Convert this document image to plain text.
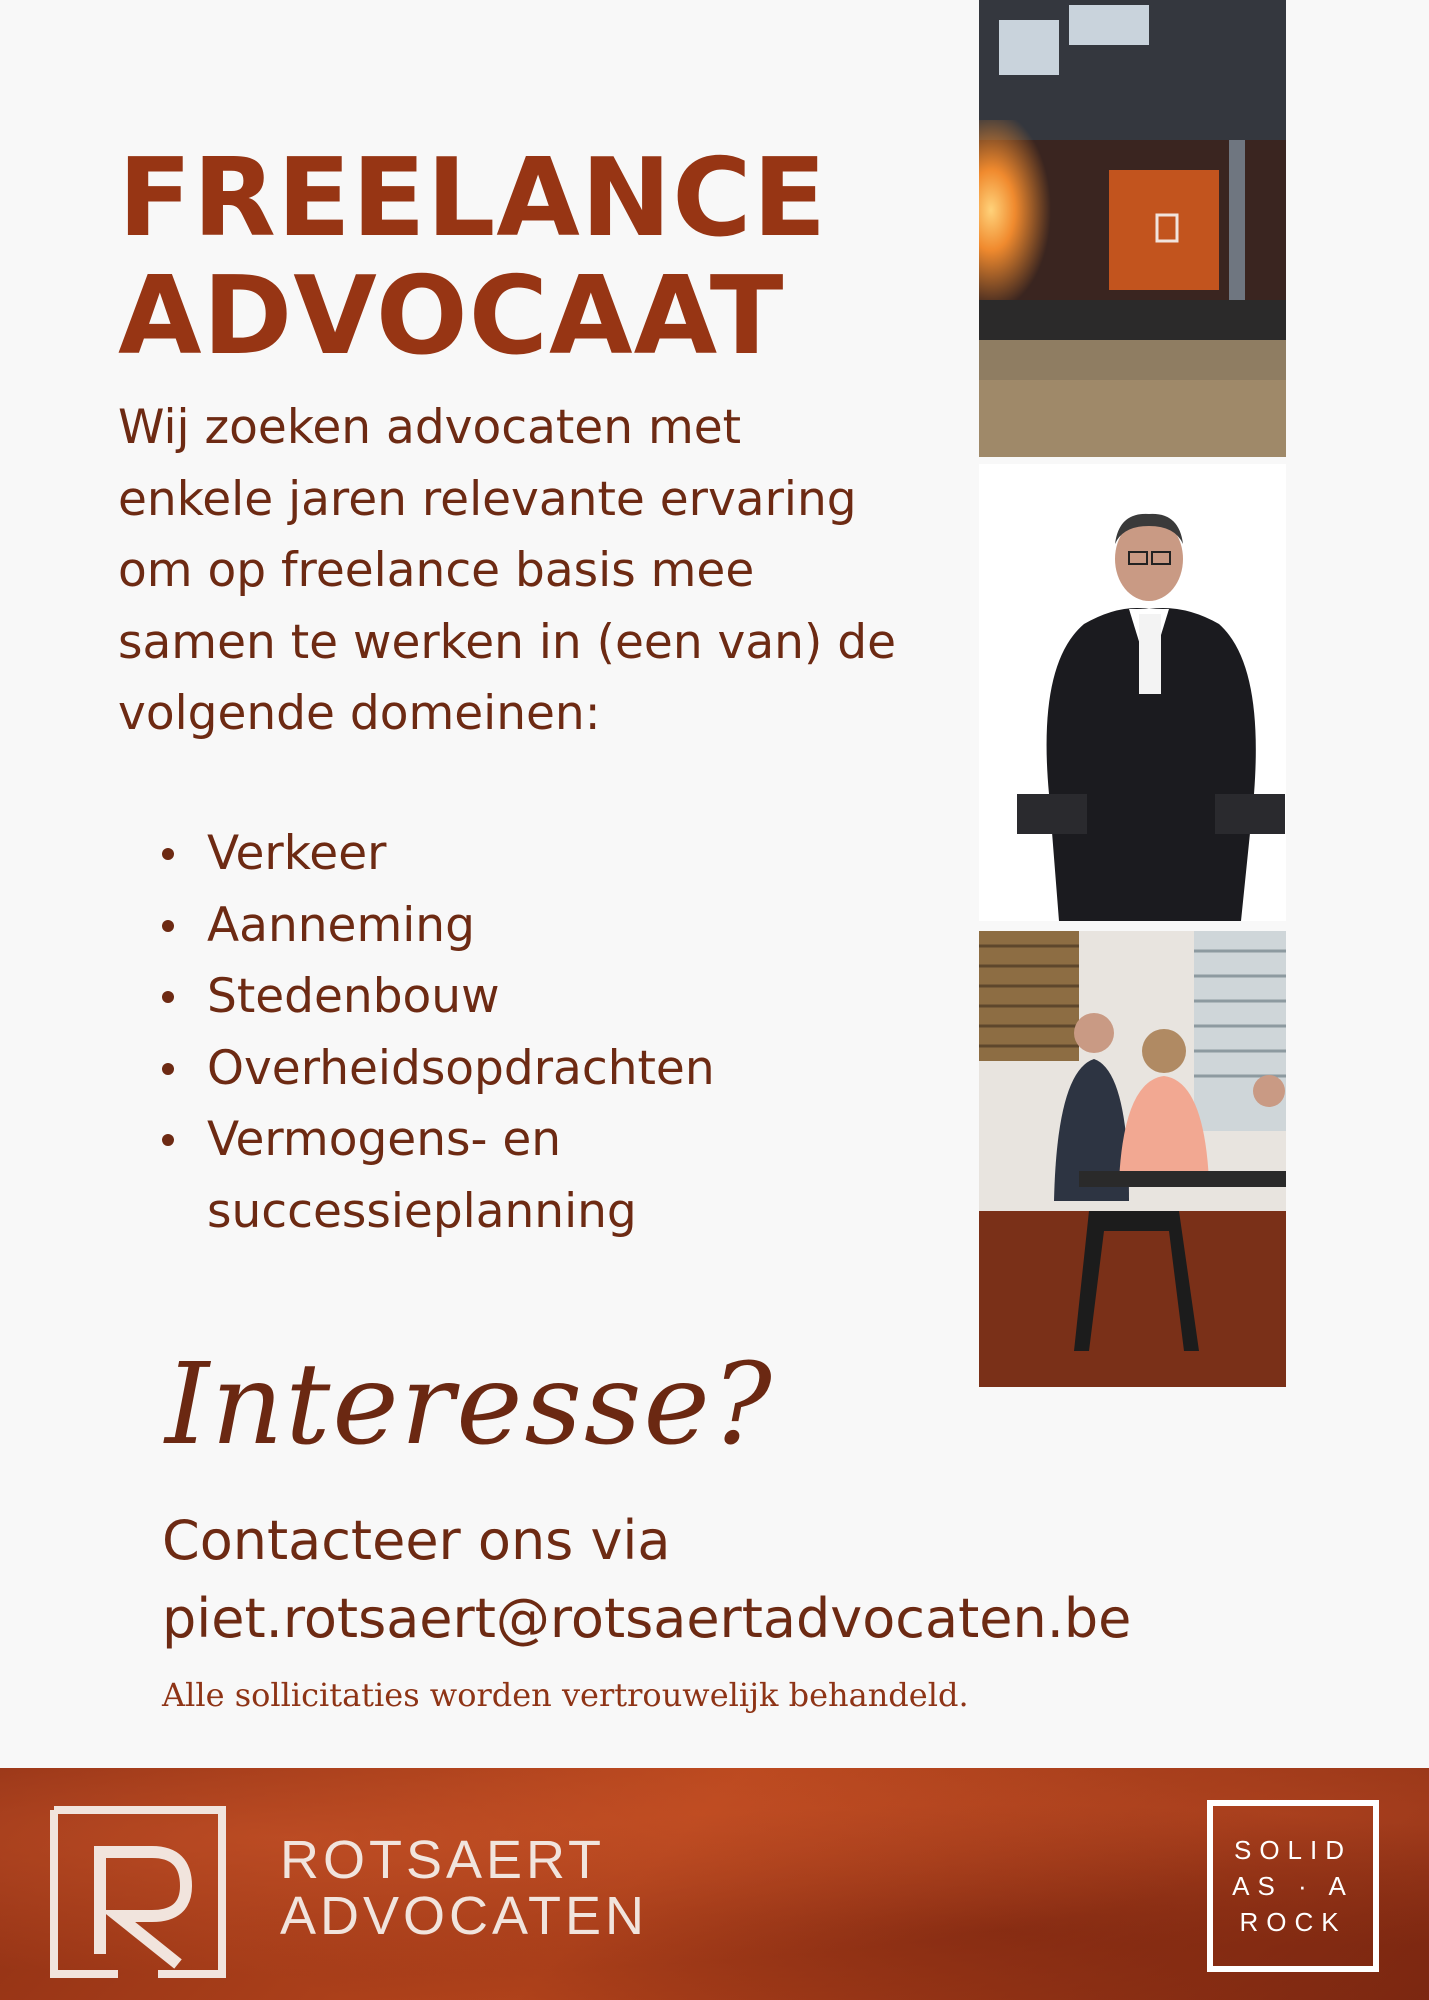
FREELANCE
ADVOCAAT

Wij zoeken advocaten met enkele jaren relevante ervaring om op freelance basis mee samen te werken in (een van) de volgende domeinen:

Verkeer
Aanneming
Stedenbouw
Overheidsopdrachten
Vermogens- en successieplanning

Interesse?

Contacteer ons via
piet.rotsaert@rotsaertadvocaten.be

Alle sollicitaties worden vertrouwelijk behandeld.

ROTSAERT
ADVOCATEN

SOLID
AS · A
ROCK
